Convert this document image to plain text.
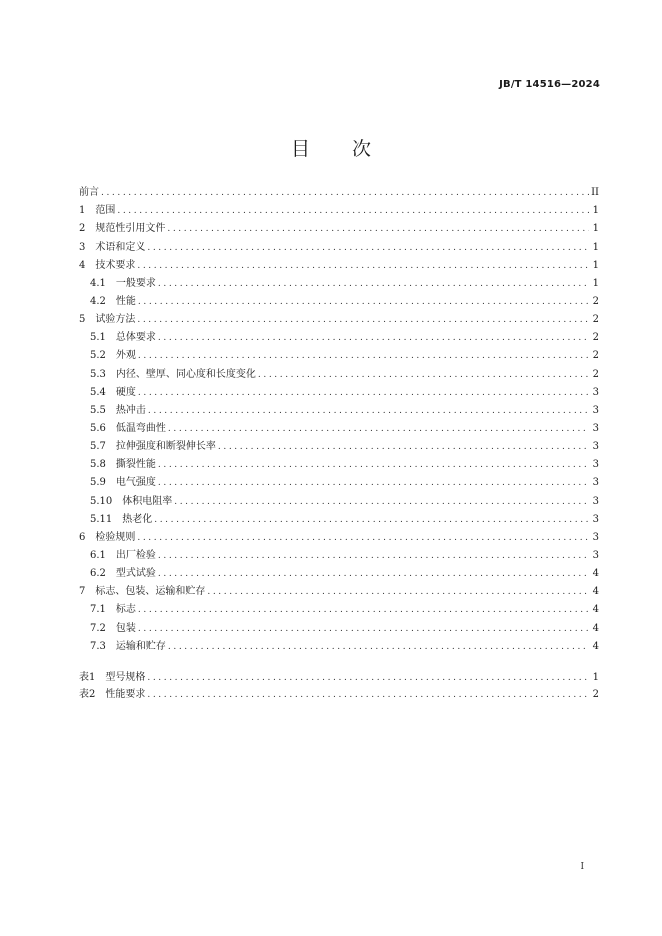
JB/T 14516—2024
目次
前言 .....	II
1 范围 .....	1
2 规范性引用文件 .....	1
3 术语和定义 .....	1
4 技术要求 .....	1
4.1 一般要求 .....	1
4.2 性能 .....	2
5 试验方法 .....	2
5.1 总体要求 .....	2
5.2 外观 .....	2
5.3 内径、壁厚、同心度和长度变化 .....	2
5.4 硬度 .....	3
5.5 热冲击 .....	3
5.6 低温弯曲性 .....	3
5.7 拉伸强度和断裂伸长率 .....	3
5.8 撕裂性能 .....	3
5.9 电气强度 .....	3
5.10 体积电阻率 .....	3
5.11 热老化 .....	3
6 检验规则 .....	3
6.1 出厂检验 .....	3
6.2 型式试验 .....	4
7 标志、包装、运输和贮存 .....	4
7.1 标志 .....	4
7.2 包装 .....	4
7.3 运输和贮存 .....	4
表1 型号规格 .....	1
表2 性能要求 .....	2
I
